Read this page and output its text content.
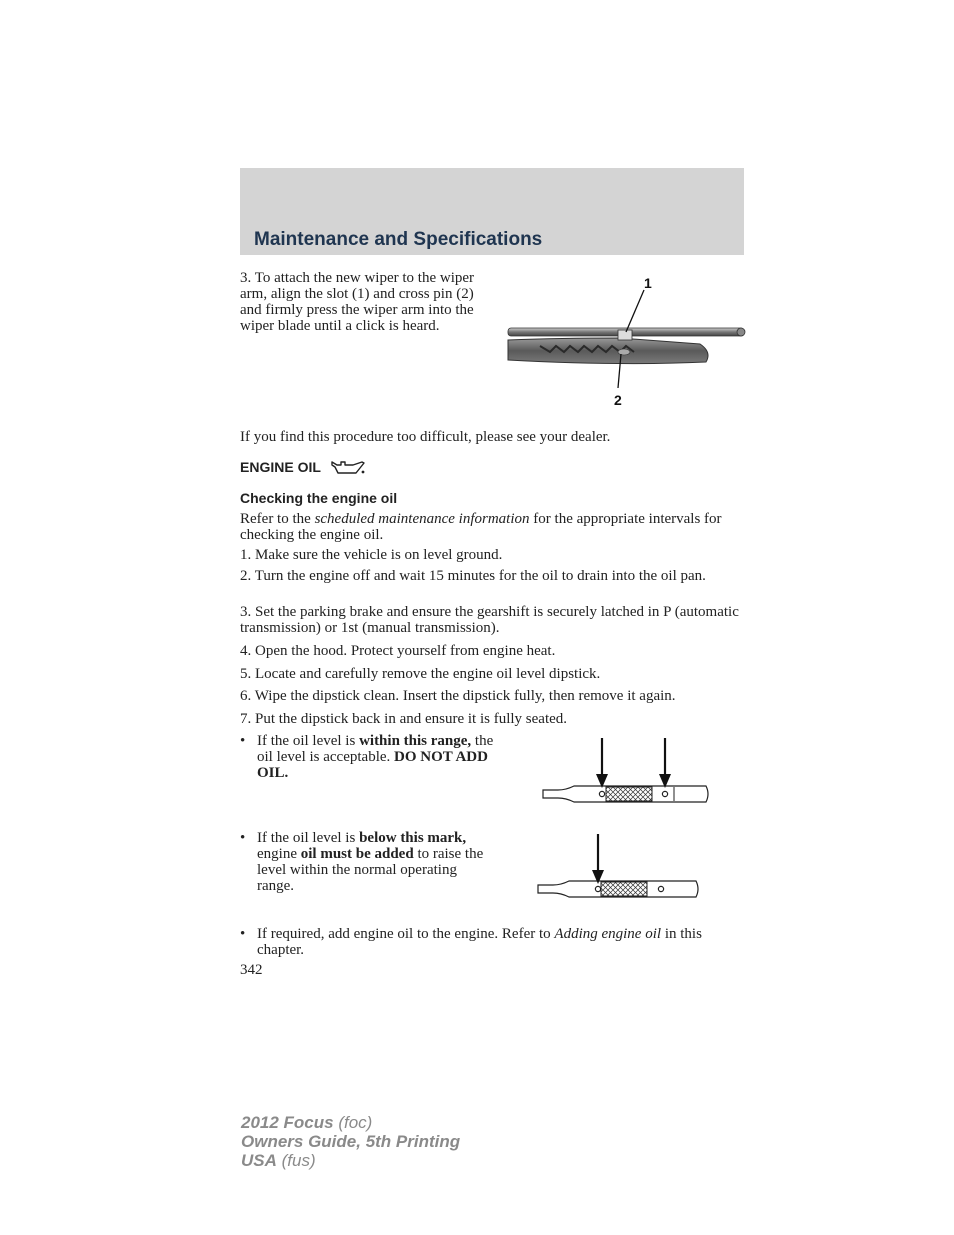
Maintenance and Specifications
3. To attach the new wiper to the wiper arm, align the slot (1) and cross pin (2) and firmly press the wiper arm into the wiper blade until a click is heard.
1
2
If you find this procedure too difficult, please see your dealer.
ENGINE OIL
Checking the engine oil
Refer to the scheduled maintenance information for the appropriate intervals for checking the engine oil.
1. Make sure the vehicle is on level ground.
2. Turn the engine off and wait 15 minutes for the oil to drain into the oil pan.
3. Set the parking brake and ensure the gearshift is securely latched in P (automatic transmission) or 1st (manual transmission).
4. Open the hood. Protect yourself from engine heat.
5. Locate and carefully remove the engine oil level dipstick.
6. Wipe the dipstick clean. Insert the dipstick fully, then remove it again.
7. Put the dipstick back in and ensure it is fully seated.
• If the oil level is within this range, the oil level is acceptable. DO NOT ADD OIL.
• If the oil level is below this mark, engine oil must be added to raise the level within the normal operating range.
• If required, add engine oil to the engine. Refer to Adding engine oil in this chapter.
342
2012 Focus (foc)
Owners Guide, 5th Printing
USA (fus)
